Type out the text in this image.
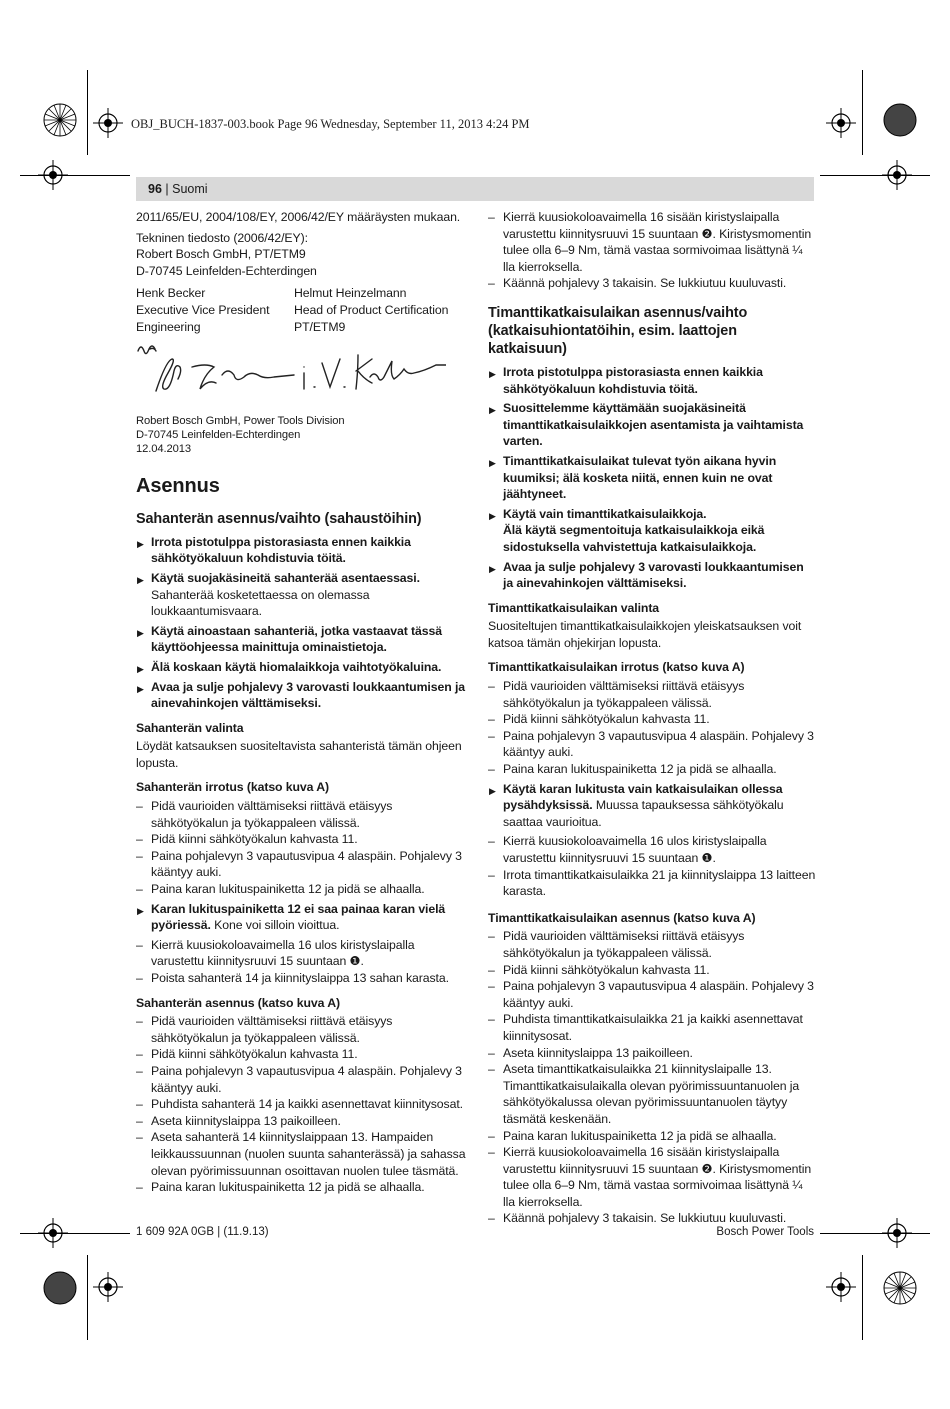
OBJ_BUCH-1837-003.book Page 96 Wednesday, September 11, 2013 4:24 PM
96 | Suomi

2011/65/EU, 2004/108/EY, 2006/42/EY määräysten mukaan.

Tekninen tiedosto (2006/42/EY):

Robert Bosch GmbH, PT/ETM9

D-70745 Leinfelden-Echterdingen

Henk Becker

Executive Vice President

Engineering

Helmut Heinzelmann

Head of Product Certification

PT/ETM9

Robert Bosch GmbH, Power Tools Division

D-70745 Leinfelden-Echterdingen

12.04.2013

Asennus
Sahanterän asennus/vaihto (sahaustöihin)
▶ Irrota pistotulppa pistorasiasta ennen kaikkia sähkötyökaluun kohdistuvia töitä.
▶ Käytä suojakäsineitä sahanterää asentaessasi. Sahanterää kosketettaessa on olemassa loukkaantumisvaara.
▶ Käytä ainoastaan sahanteriä, jotka vastaavat tässä käyttöohjeessa mainittuja ominaistietoja.
▶ Älä koskaan käytä hiomalaikkoja vaihtotyökaluina.
▶ Avaa ja sulje pohjalevy 3 varovasti loukkaantumisen ja ainevahinkojen välttämiseksi.
Sahanterän valinta

Löydät katsauksen suositeltavista sahanteristä tämän ohjeen lopusta.

Sahanterän irrotus (katso kuva A)
– Pidä vaurioiden välttämiseksi riittävä etäisyys sähkötyökalun ja työkappaleen välissä.
– Pidä kiinni sähkötyökalun kahvasta 11.
– Paina pohjalevyn 3 vapautusvipua 4 alaspäin. Pohjalevy 3 kääntyy auki.
– Paina karan lukituspainiketta 12 ja pidä se alhaalla.
▶ Karan lukituspainiketta 12 ei saa painaa karan vielä pyöriessä. Kone voi silloin vioittua.
– Kierrä kuusiokoloavaimella 16 ulos kiristyslaipalla varustettu kiinnitysruuvi 15 suuntaan ❶.
– Poista sahanterä 14 ja kiinnityslaippa 13 sahan karasta.
Sahanterän asennus (katso kuva A)
– Pidä vaurioiden välttämiseksi riittävä etäisyys sähkötyökalun ja työkappaleen välissä.
– Pidä kiinni sähkötyökalun kahvasta 11.
– Paina pohjalevyn 3 vapautusvipua 4 alaspäin. Pohjalevy 3 kääntyy auki.
– Puhdista sahanterä 14 ja kaikki asennettavat kiinnitysosat.
– Aseta kiinnityslaippa 13 paikoilleen.
– Aseta sahanterä 14 kiinnityslaippaan 13. Hampaiden leikkaussuunnan (nuolen suunta sahanterässä) ja sahassa olevan pyörimissuunnan osoittavan nuolen tulee täsmätä.
– Paina karan lukituspainiketta 12 ja pidä se alhaalla.
– Kierrä kuusiokoloavaimella 16 sisään kiristyslaipalla varustettu kiinnitysruuvi 15 suuntaan ❷. Kiristysmomentin tulee olla 6–9 Nm, tämä vastaa sormivoimaa lisättynä ¼ lla kierroksella.
– Käännä pohjalevy 3 takaisin. Se lukkiutuu kuuluvasti.
Timanttikatkaisulaikan asennus/vaihto (katkaisuhiontatöihin, esim. laattojen katkaisuun)
▶ Irrota pistotulppa pistorasiasta ennen kaikkia sähkötyökaluun kohdistuvia töitä.
▶ Suosittelemme käyttämään suojakäsineitä timanttikatkaisulaikkojen asentamista ja vaihtamista varten.
▶ Timanttikatkaisulaikat tulevat työn aikana hyvin kuumiksi; älä kosketa niitä, ennen kuin ne ovat jäähtyneet.
▶ Käytä vain timanttikatkaisulaikkoja.
Älä käytä segmentoituja katkaisulaikkoja eikä sidostuksella vahvistettuja katkaisulaikkoja.
▶ Avaa ja sulje pohjalevy 3 varovasti loukkaantumisen ja ainevahinkojen välttämiseksi.
Timanttikatkaisulaikan valinta

Suositeltujen timanttikatkaisulaikkojen yleiskatsauksen voit katsoa tämän ohjekirjan lopusta.

Timanttikatkaisulaikan irrotus (katso kuva A)
– Pidä vaurioiden välttämiseksi riittävä etäisyys sähkötyökalun ja työkappaleen välissä.
– Pidä kiinni sähkötyökalun kahvasta 11.
– Paina pohjalevyn 3 vapautusvipua 4 alaspäin. Pohjalevy 3 kääntyy auki.
– Paina karan lukituspainiketta 12 ja pidä se alhaalla.
▶ Käytä karan lukitusta vain katkaisulaikan ollessa pysähdyksissä. Muussa tapauksessa sähkötyökalu saattaa vaurioitua.
– Kierrä kuusiokoloavaimella 16 ulos kiristyslaipalla varustettu kiinnitysruuvi 15 suuntaan ❶.
– Irrota timanttikatkaisulaikka 21 ja kiinnityslaippa 13 laitteen karasta.
Timanttikatkaisulaikan asennus (katso kuva A)
– Pidä vaurioiden välttämiseksi riittävä etäisyys sähkötyökalun ja työkappaleen välissä.
– Pidä kiinni sähkötyökalun kahvasta 11.
– Paina pohjalevyn 3 vapautusvipua 4 alaspäin. Pohjalevy 3 kääntyy auki.
– Puhdista timanttikatkaisulaikka 21 ja kaikki asennettavat kiinnitysosat.
– Aseta kiinnityslaippa 13 paikoilleen.
– Aseta timanttikatkaisulaikka 21 kiinnityslaipalle 13. Timanttikatkaisulaikalla olevan pyörimissuuntanuolen ja sähkötyökalussa olevan pyörimissuuntanuolen täytyy täsmätä keskenään.
– Paina karan lukituspainiketta 12 ja pidä se alhaalla.
– Kierrä kuusiokoloavaimella 16 sisään kiristyslaipalla varustettu kiinnitysruuvi 15 suuntaan ❷. Kiristysmomentin tulee olla 6–9 Nm, tämä vastaa sormivoimaa lisättynä ¼ lla kierroksella.
– Käännä pohjalevy 3 takaisin. Se lukkiutuu kuuluvasti.
1 609 92A 0GB | (11.9.13)	Bosch Power Tools
